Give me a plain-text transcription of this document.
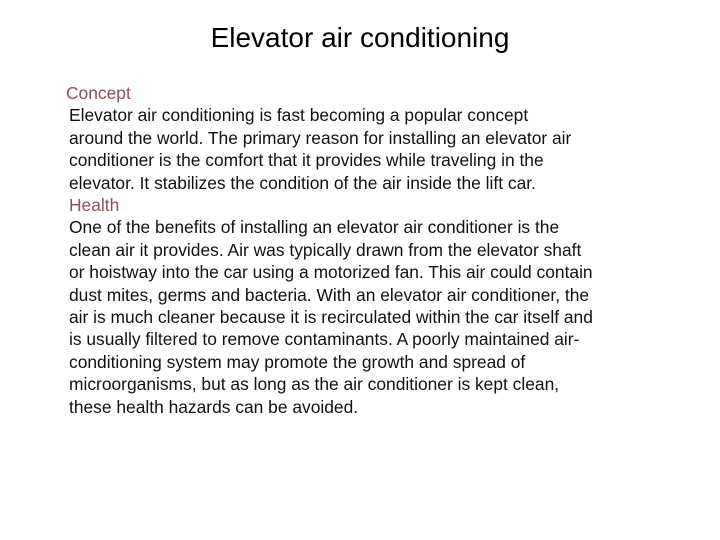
Elevator air conditioning
Concept
Elevator air conditioning is fast becoming a popular concept
around the world. The primary reason for installing an elevator air
conditioner is the comfort that it provides while traveling in the
elevator. It stabilizes the condition of the air inside the lift car.
Health
One of the benefits of installing an elevator air conditioner is the
clean air it provides. Air was typically drawn from the elevator shaft
or hoistway into the car using a motorized fan. This air could contain
dust mites, germs and bacteria. With an elevator air conditioner, the
air is much cleaner because it is recirculated within the car itself and
is usually filtered to remove contaminants. A poorly maintained air-
conditioning system may promote the growth and spread of
microorganisms, but as long as the air conditioner is kept clean,
these health hazards can be avoided.
